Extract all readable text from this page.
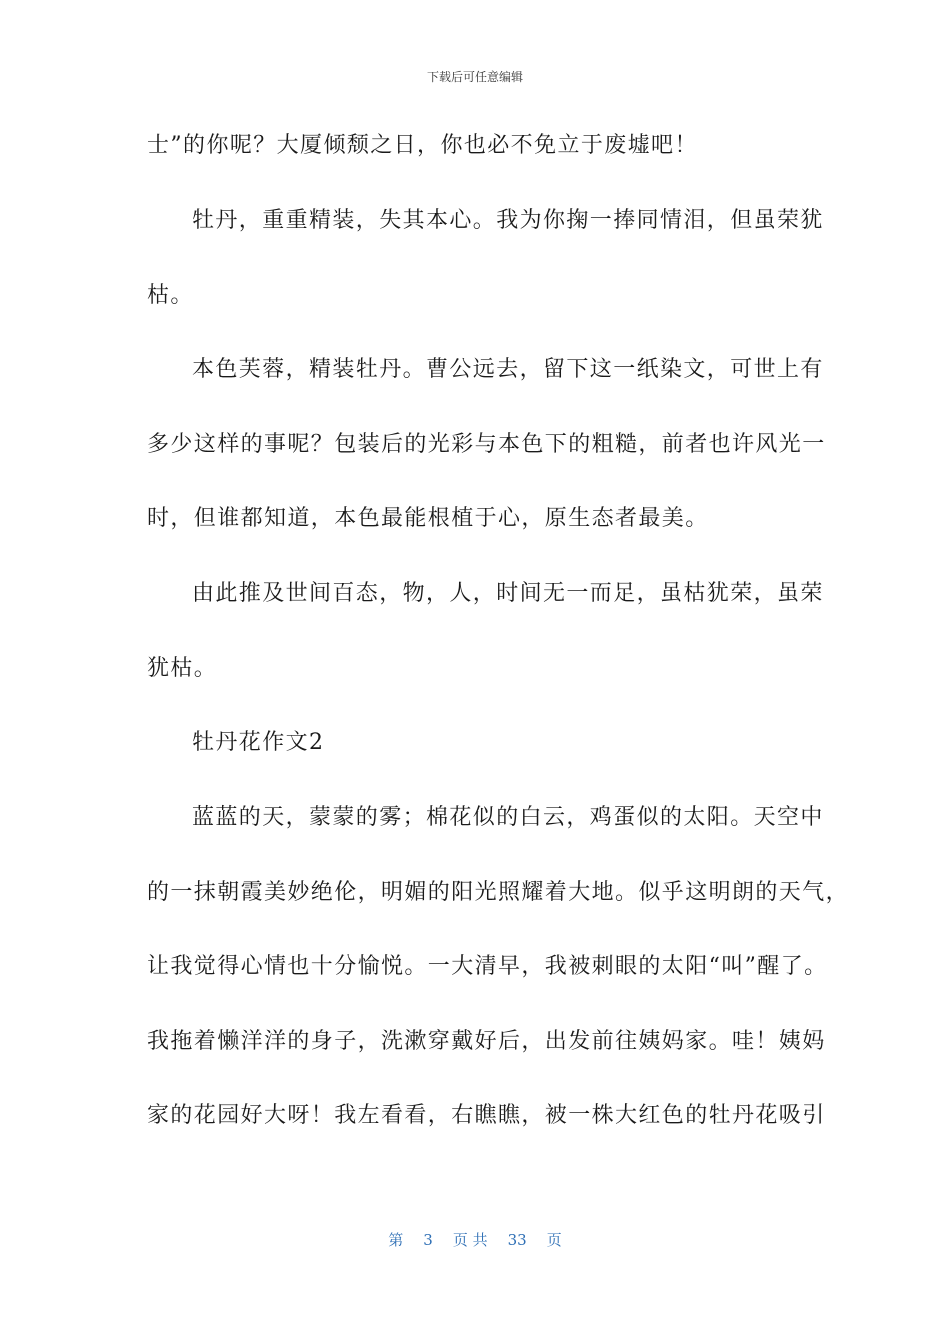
下载后可任意编辑
士”的你呢？大厦倾颓之日，你也必不免立于废墟吧！
牡丹，重重精装，失其本心。我为你掬一捧同情泪，但虽荣犹
枯。
本色芙蓉，精装牡丹。曹公远去，留下这一纸染文，可世上有
多少这样的事呢？包装后的光彩与本色下的粗糙，前者也许风光一
时，但谁都知道，本色最能根植于心，原生态者最美。
由此推及世间百态，物，人，时间无一而足，虽枯犹荣，虽荣
犹枯。
牡丹花作文2
蓝蓝的天，蒙蒙的雾；棉花似的白云，鸡蛋似的太阳。天空中
的一抹朝霞美妙绝伦，明媚的阳光照耀着大地。似乎这明朗的天气，
让我觉得心情也十分愉悦。一大清早，我被刺眼的太阳“叫”醒了。
我拖着懒洋洋的身子，洗漱穿戴好后，出发前往姨妈家。哇！姨妈
家的花园好大呀！我左看看，右瞧瞧，被一株大红色的牡丹花吸引
第 3 页 共 33 页
